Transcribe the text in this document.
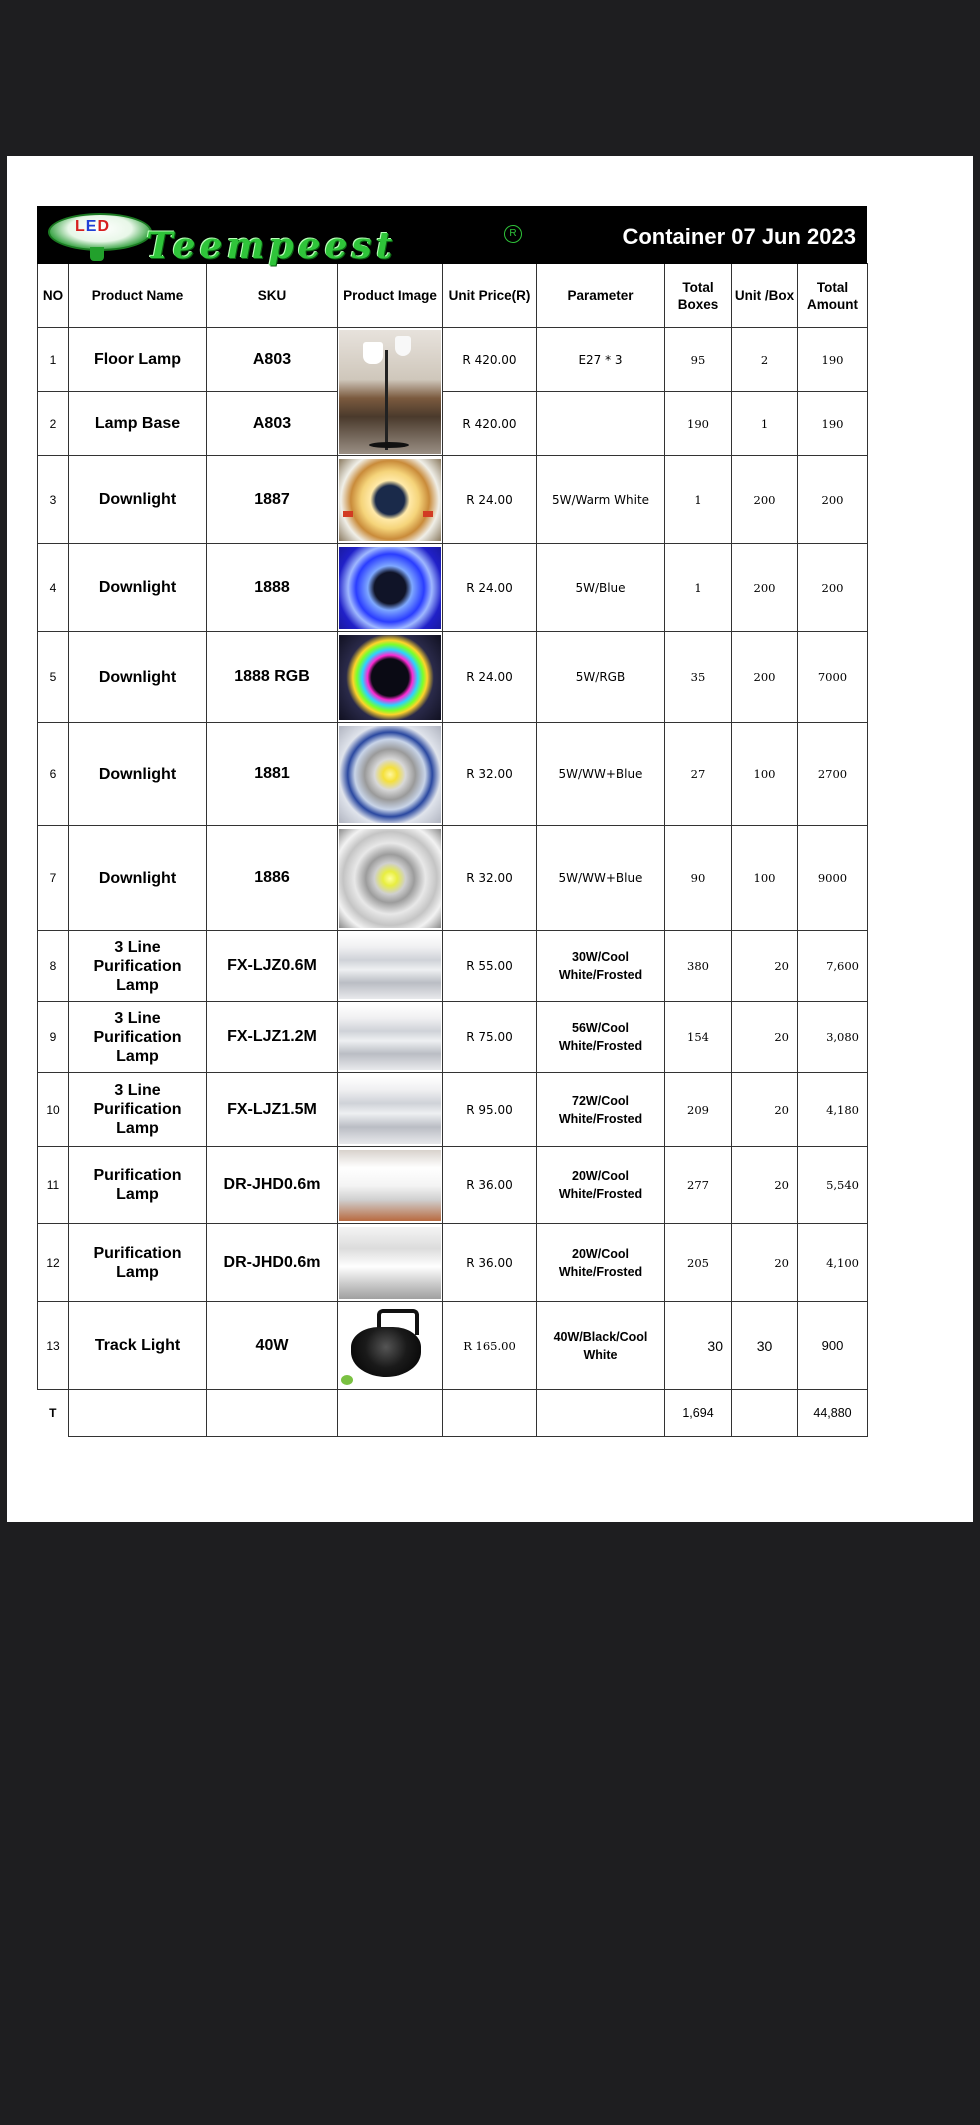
LED Teempeest	R	Container 07 Jun 2023
NO	Product Name	SKU	Product Image	Unit Price(R)	Parameter	Total Boxes	Unit /Box	Total Amount
1	Floor Lamp	A803		R 420.00	E27 * 3	95	2	190
2	Lamp Base	A803		R 420.00		190	1	190
3	Downlight	1887		R 24.00	5W/Warm White	1	200	200
4	Downlight	1888		R 24.00	5W/Blue	1	200	200
5	Downlight	1888 RGB		R 24.00	5W/RGB	35	200	7000
6	Downlight	1881		R 32.00	5W/WW+Blue	27	100	2700
7	Downlight	1886		R 32.00	5W/WW+Blue	90	100	9000
8	3 Line Purification Lamp	FX-LJZ0.6M		R 55.00	30W/Cool White/Frosted	380	20	7,600
9	3 Line Purification Lamp	FX-LJZ1.2M		R 75.00	56W/Cool White/Frosted	154	20	3,080
10	3 Line Purification Lamp	FX-LJZ1.5M		R 95.00	72W/Cool White/Frosted	209	20	4,180
11	Purification Lamp	DR-JHD0.6m		R 36.00	20W/Cool White/Frosted	277	20	5,540
12	Purification Lamp	DR-JHD0.6m		R 36.00	20W/Cool White/Frosted	205	20	4,100
13	Track Light	40W		R 165.00	40W/Black/Cool White	30	30	900
T						1,694		44,880
